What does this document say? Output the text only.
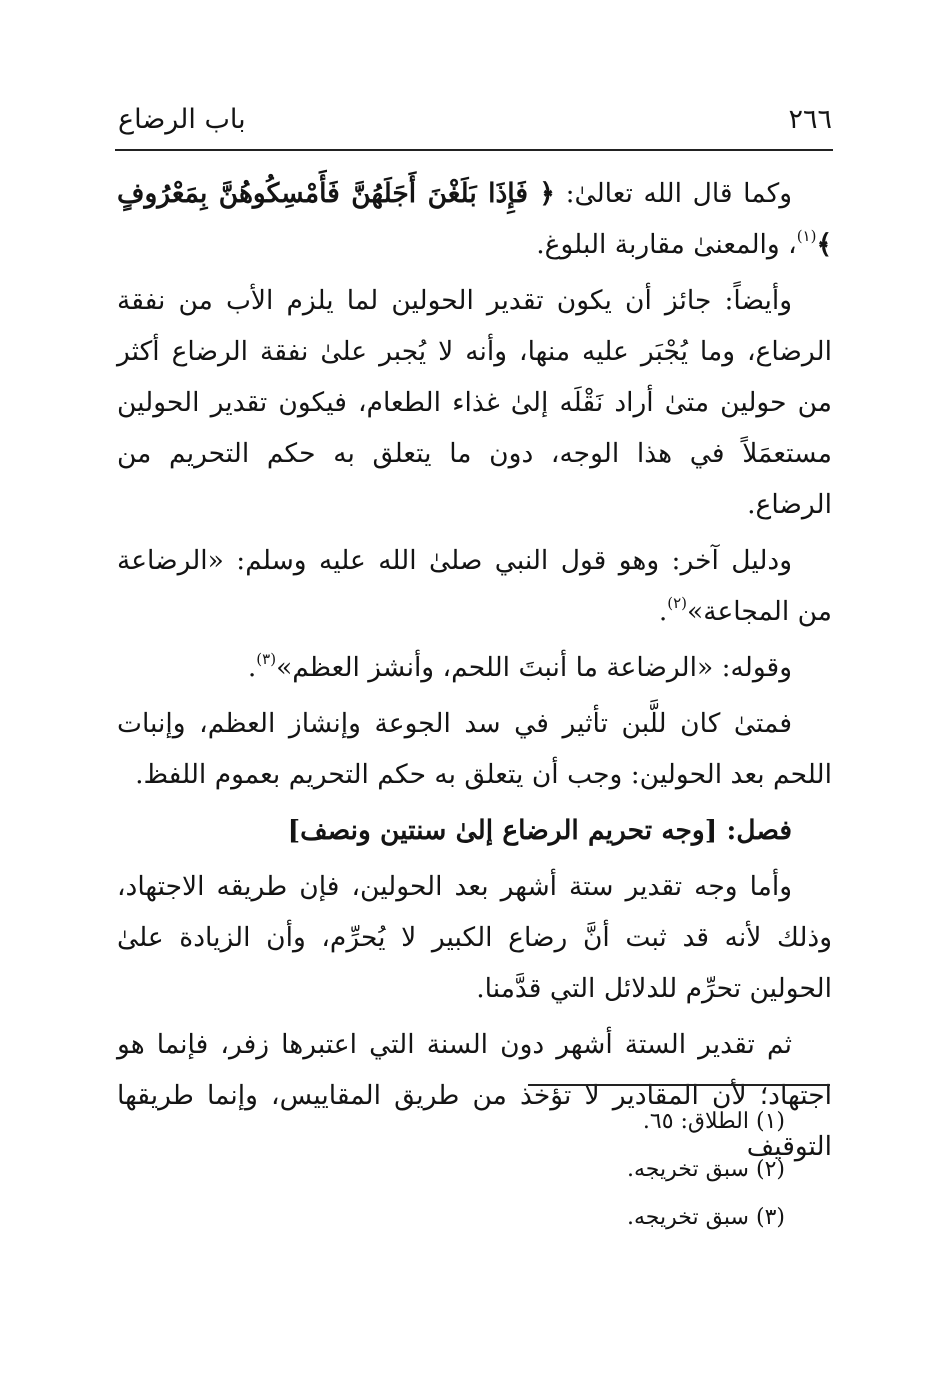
٢٦٦
باب الرضاع

وكما قال الله تعالىٰ: ﴿ فَإِذَا بَلَغْنَ أَجَلَهُنَّ فَأَمْسِكُوهُنَّ بِمَعْرُوفٍ ﴾$^{(١)}$، والمعنىٰ مقاربة البلوغ.

وأيضاً: جائز أن يكون تقدير الحولين لما يلزم الأب من نفقة الرضاع، وما يُجْبَر عليه منها، وأنه لا يُجبر علىٰ نفقة الرضاع أكثر من حولين متىٰ أراد نَقْلَه إلىٰ غذاء الطعام، فيكون تقدير الحولين مستعمَلاً في هذا الوجه، دون ما يتعلق به حكم التحريم من الرضاع.

ودليل آخر: وهو قول النبي صلىٰ الله عليه وسلم: «الرضاعة من المجاعة»$^{(٢)}$.

وقوله: «الرضاعة ما أنبتَ اللحم، وأنشز العظم»$^{(٣)}$.

فمتىٰ كان للَّبن تأثير في سد الجوعة وإنشاز العظم، وإنبات اللحم بعد الحولين: وجب أن يتعلق به حكم التحريم بعموم اللفظ.

فصل: [وجه تحريم الرضاع إلىٰ سنتين ونصف]

وأما وجه تقدير ستة أشهر بعد الحولين، فإن طريقه الاجتهاد، وذلك لأنه قد ثبت أنَّ رضاع الكبير لا يُحرِّم، وأن الزيادة علىٰ الحولين تحرِّم للدلائل التي قدَّمنا.

ثم تقدير الستة أشهر دون السنة التي اعتبرها زفر، فإنما هو اجتهاد؛ لأن المقادير لا تؤخذ من طريق المقاييس، وإنما طريقها التوقيف

(١) الطلاق: ٦٥.

(٢) سبق تخريجه.

(٣) سبق تخريجه.
